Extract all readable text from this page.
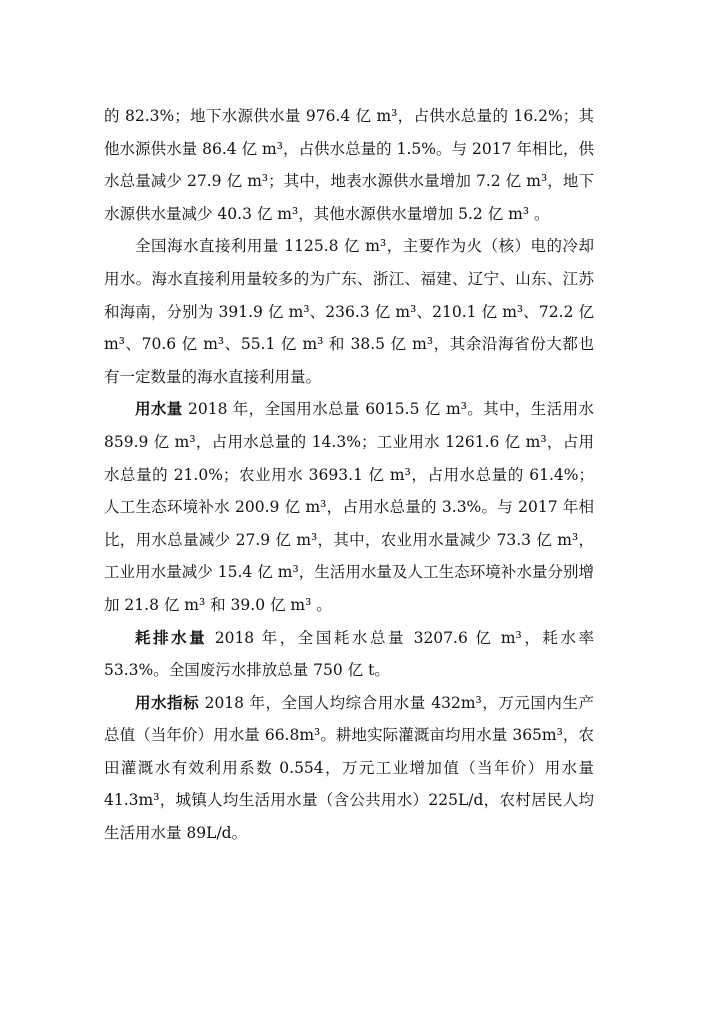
的 82.3%；地下水源供水量 976.4 亿 m³，占供水总量的 16.2%；其他水源供水量 86.4 亿 m³，占供水总量的 1.5%。与 2017 年相比，供水总量减少 27.9 亿 m³；其中，地表水源供水量增加 7.2 亿 m³，地下水源供水量减少 40.3 亿 m³，其他水源供水量增加 5.2 亿 m³ 。

全国海水直接利用量 1125.8 亿 m³，主要作为火（核）电的冷却用水。海水直接利用量较多的为广东、浙江、福建、辽宁、山东、江苏和海南，分别为 391.9 亿 m³、236.3 亿 m³、210.1 亿 m³、72.2 亿 m³、70.6 亿 m³、55.1 亿 m³ 和 38.5 亿 m³，其余沿海省份大都也有一定数量的海水直接利用量。

用水量 2018 年，全国用水总量 6015.5 亿 m³。其中，生活用水 859.9 亿 m³，占用水总量的 14.3%；工业用水 1261.6 亿 m³，占用水总量的 21.0%；农业用水 3693.1 亿 m³，占用水总量的 61.4%；人工生态环境补水 200.9 亿 m³，占用水总量的 3.3%。与 2017 年相比，用水总量减少 27.9 亿 m³，其中，农业用水量减少 73.3 亿 m³，工业用水量减少 15.4 亿 m³，生活用水量及人工生态环境补水量分别增加 21.8 亿 m³ 和 39.0 亿 m³ 。

耗排水量 2018 年，全国耗水总量 3207.6 亿 m³，耗水率 53.3%。全国废污水排放总量 750 亿 t。

用水指标 2018 年，全国人均综合用水量 432m³，万元国内生产总值（当年价）用水量 66.8m³。耕地实际灌溉亩均用水量 365m³，农田灌溉水有效利用系数 0.554，万元工业增加值（当年价）用水量 41.3m³，城镇人均生活用水量（含公共用水）225L/d，农村居民人均生活用水量 89L/d。
